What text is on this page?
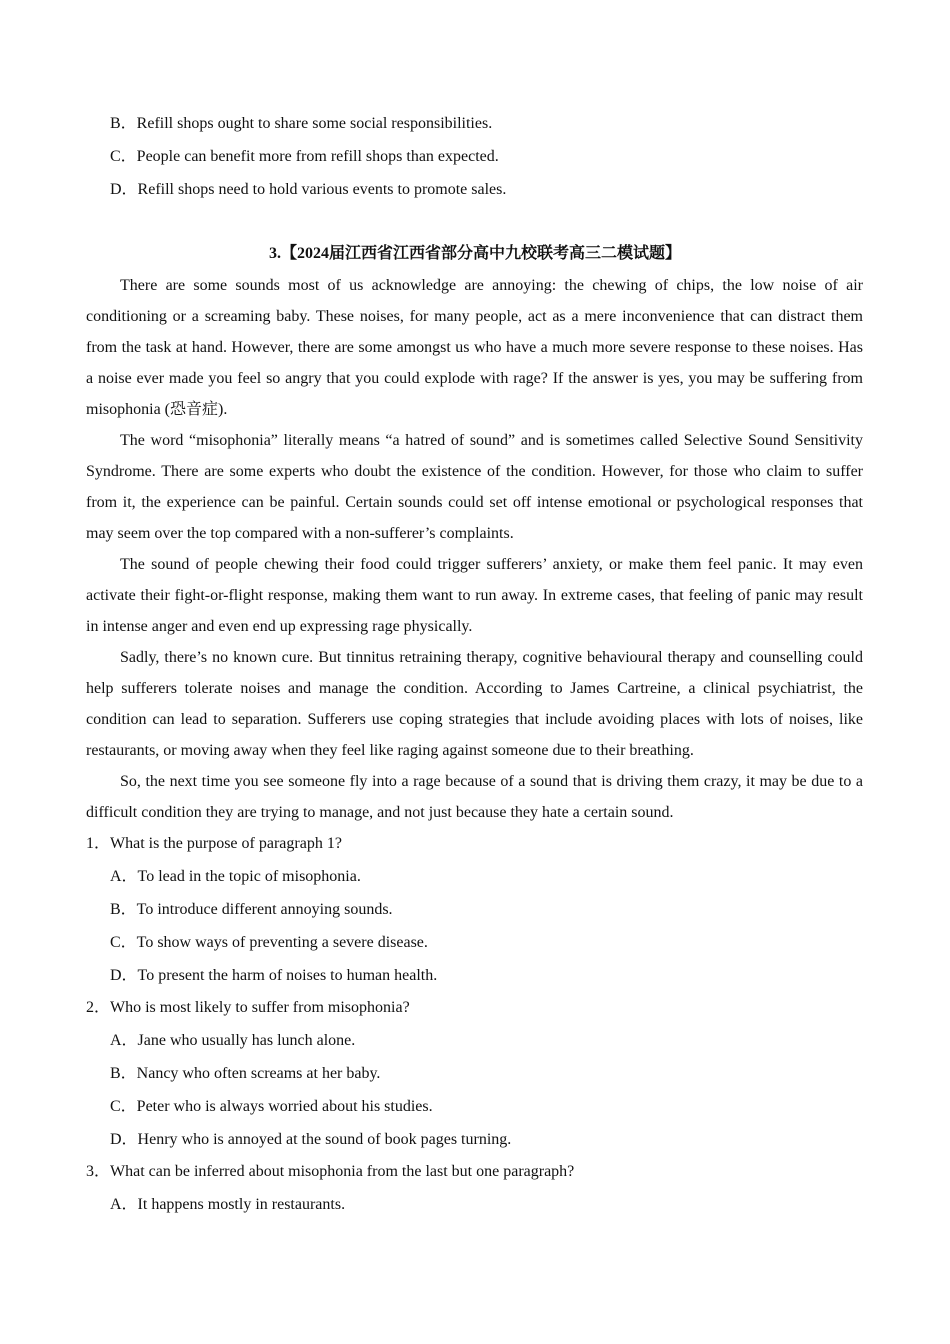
B．Refill shops ought to share some social responsibilities.
C．People can benefit more from refill shops than expected.
D．Refill shops need to hold various events to promote sales.
3.【2024届江西省江西省部分高中九校联考高三二模试题】

There are some sounds most of us acknowledge are annoying: the chewing of chips, the low noise of air conditioning or a screaming baby. These noises, for many people, act as a mere inconvenience that can distract them from the task at hand. However, there are some amongst us who have a much more severe response to these noises. Has a noise ever made you feel so angry that you could explode with rage? If the answer is yes, you may be suffering from misophonia (恐音症).

The word “misophonia” literally means “a hatred of sound” and is sometimes called Selective Sound Sensitivity Syndrome. There are some experts who doubt the existence of the condition. However, for those who claim to suffer from it, the experience can be painful. Certain sounds could set off intense emotional or psychological responses that may seem over the top compared with a non-sufferer’s complaints.

The sound of people chewing their food could trigger sufferers’ anxiety, or make them feel panic. It may even activate their fight-or-flight response, making them want to run away. In extreme cases, that feeling of panic may result in intense anger and even end up expressing rage physically.

Sadly, there’s no known cure. But tinnitus retraining therapy, cognitive behavioural therapy and counselling could help sufferers tolerate noises and manage the condition. According to James Cartreine, a clinical psychiatrist, the condition can lead to separation. Sufferers use coping strategies that include avoiding places with lots of noises, like restaurants, or moving away when they feel like raging against someone due to their breathing.

So, the next time you see someone fly into a rage because of a sound that is driving them crazy, it may be due to a difficult condition they are trying to manage, and not just because they hate a certain sound.

1．What is the purpose of paragraph 1?
A．To lead in the topic of misophonia.
B．To introduce different annoying sounds.
C．To show ways of preventing a severe disease.
D．To present the harm of noises to human health.
2．Who is most likely to suffer from misophonia?
A．Jane who usually has lunch alone.
B．Nancy who often screams at her baby.
C．Peter who is always worried about his studies.
D．Henry who is annoyed at the sound of book pages turning.
3．What can be inferred about misophonia from the last but one paragraph?
A．It happens mostly in restaurants.
